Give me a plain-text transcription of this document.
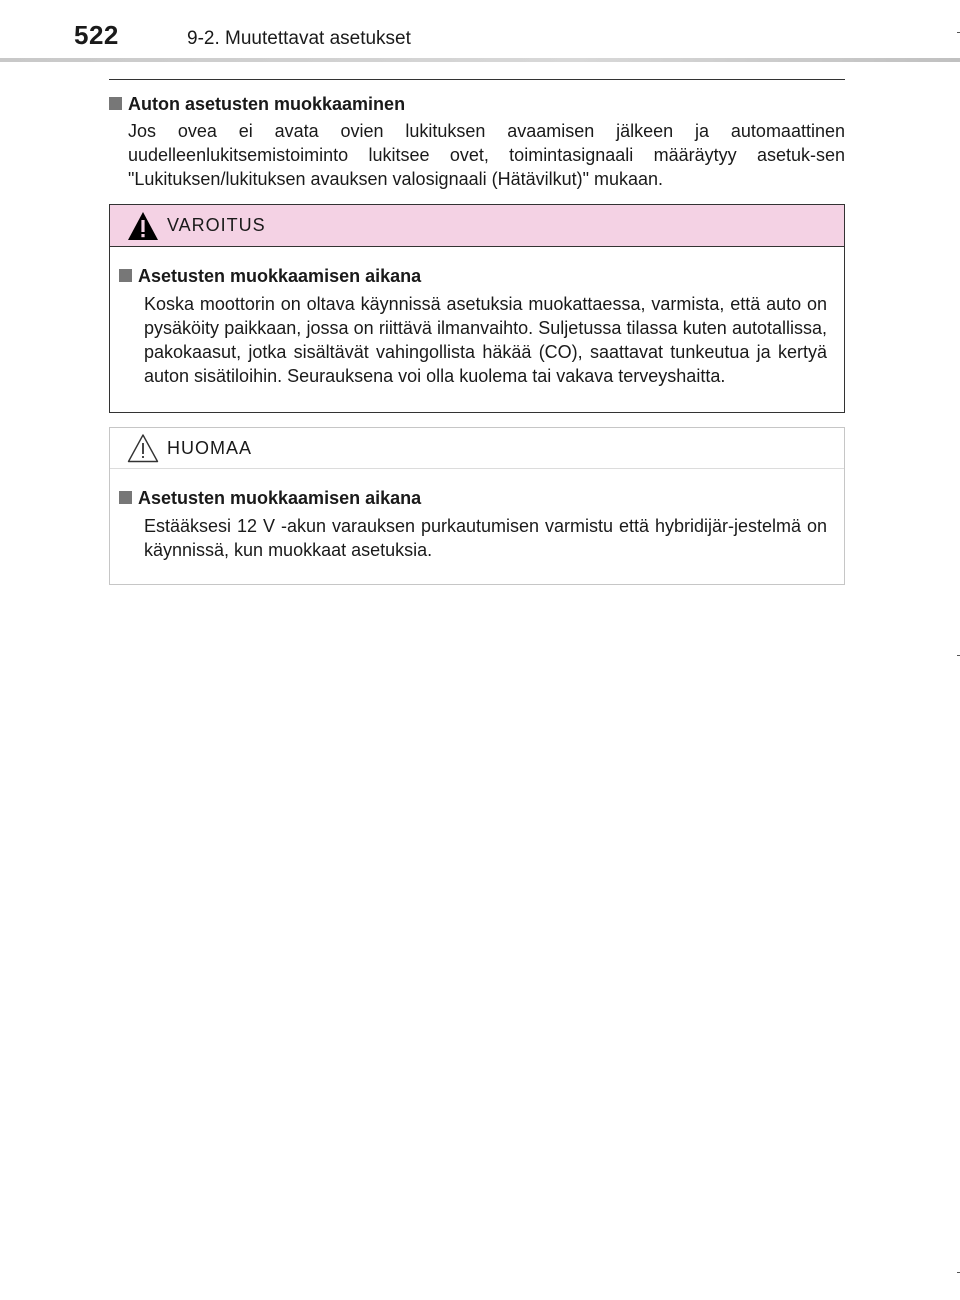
522	9-2. Muutettavat asetukset
Auton asetusten muokkaaminen
Jos ovea ei avata ovien lukituksen avaamisen jälkeen ja automaattinen uudelleenlukitsemistoiminto lukitsee ovet, toimintasignaali määräytyy asetuk-sen "Lukituksen/lukituksen avauksen valosignaali (Hätävilkut)" mukaan.
VAROITUS
Asetusten muokkaamisen aikana
Koska moottorin on oltava käynnissä asetuksia muokattaessa, varmista, että auto on pysäköity paikkaan, jossa on riittävä ilmanvaihto. Suljetussa tilassa kuten autotallissa, pakokaasut, jotka sisältävät vahingollista häkää (CO), saattavat tunkeutua ja kertyä auton sisätiloihin. Seurauksena voi olla kuolema tai vakava terveyshaitta.
HUOMAA
Asetusten muokkaamisen aikana
Estääksesi 12 V -akun varauksen purkautumisen varmistu että hybridijär-jestelmä on käynnissä, kun muokkaat asetuksia.
